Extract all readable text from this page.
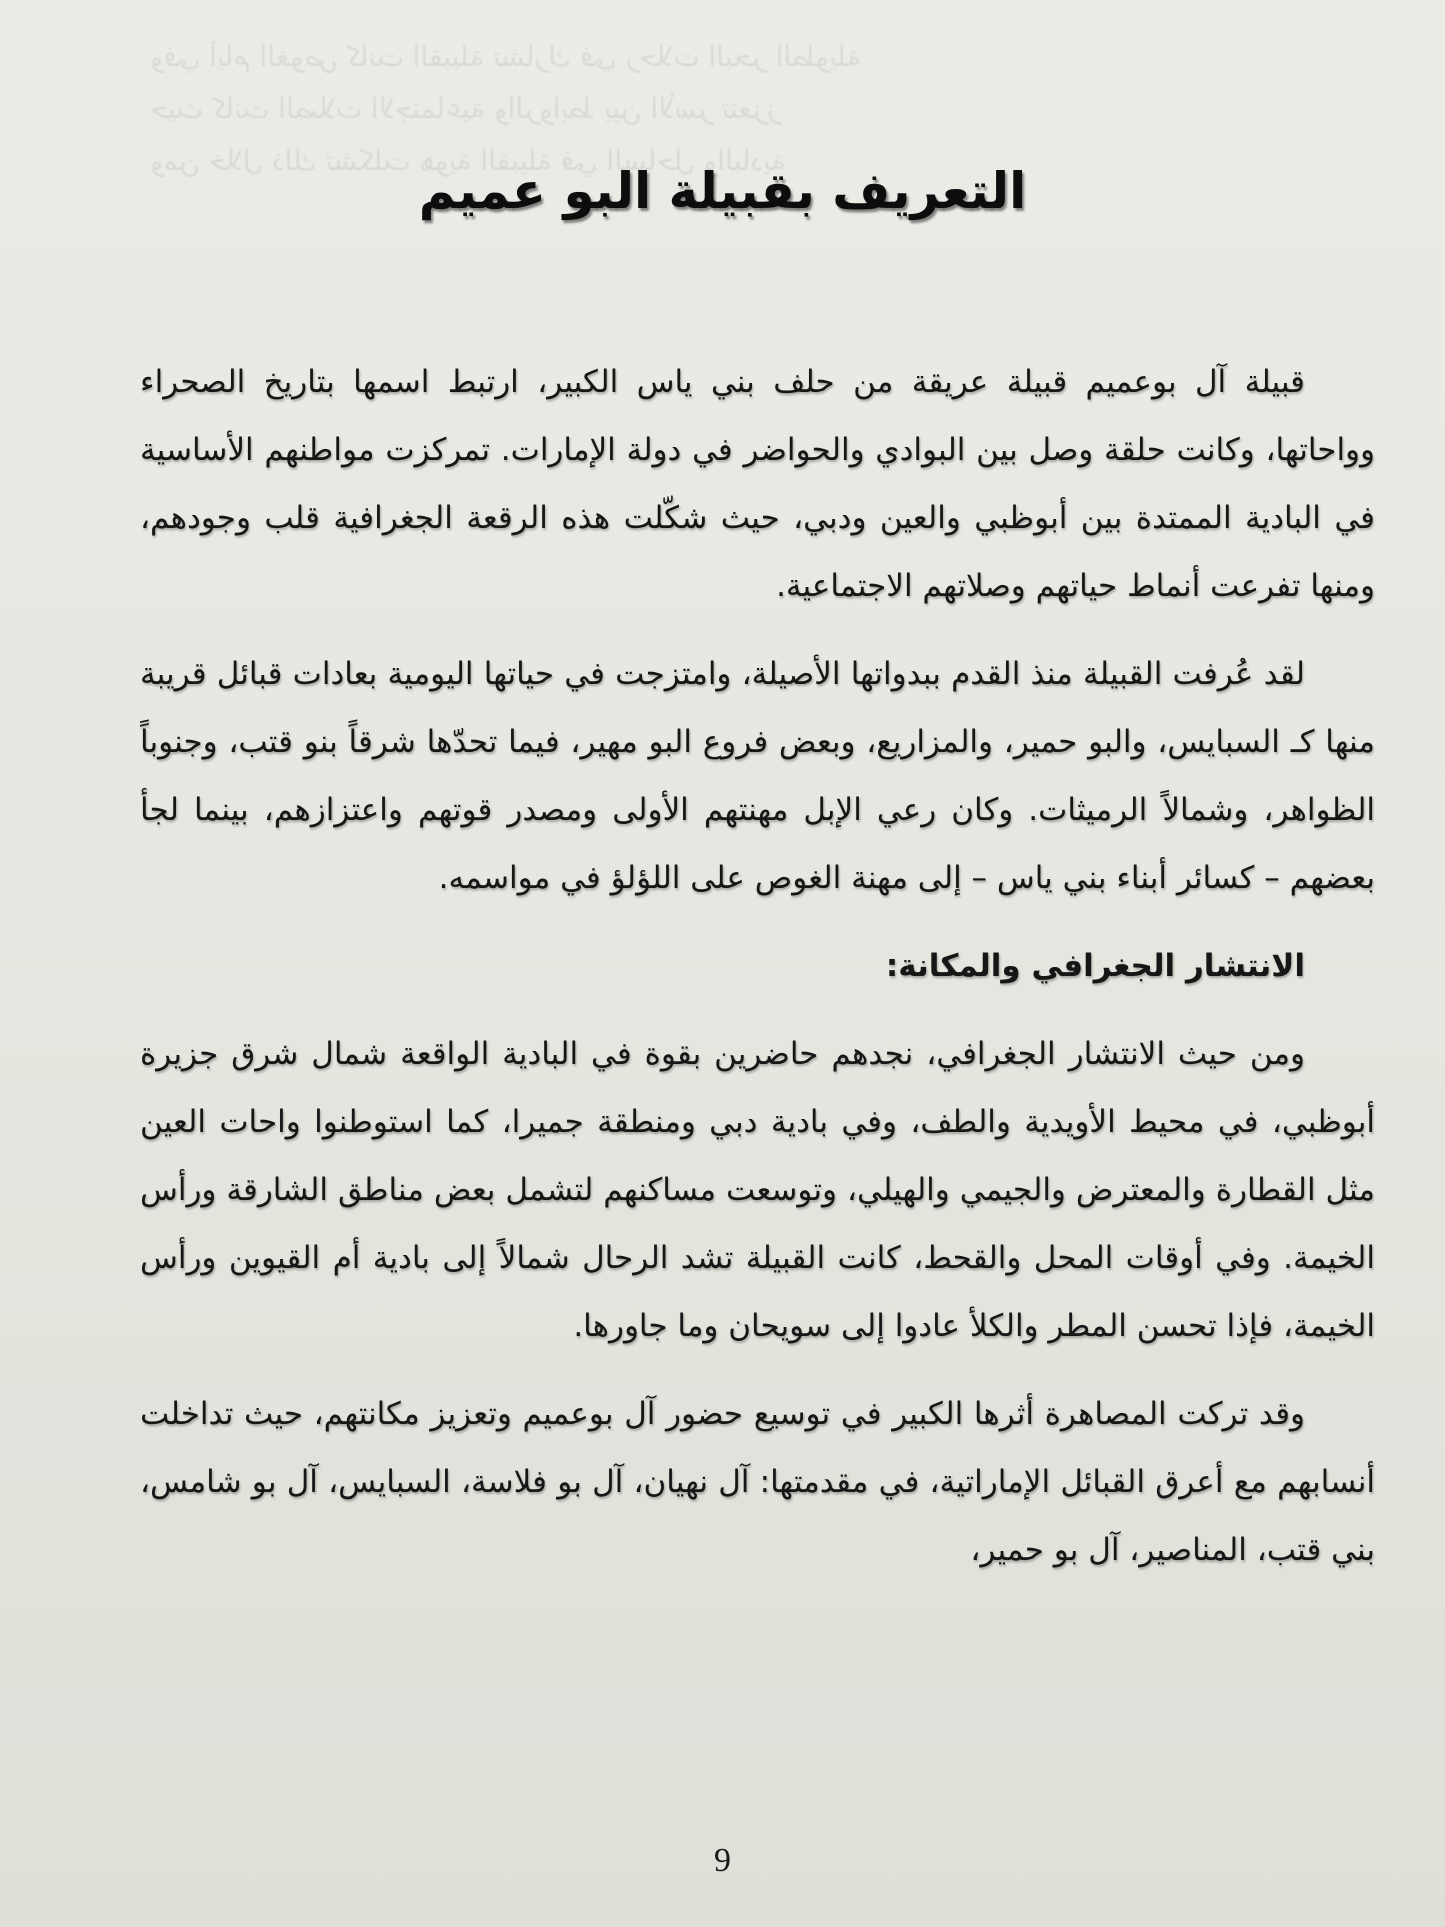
وفي أيام الغوص كانت القبيلة تشارك في رحلات البحر الطويلة
حيث كانت الصلات الاجتماعية والروابط بين الأسر تتعزز
ومن خلال ذلك تشكلت هوية القبيلة في الساحل والبادية
التعريف بقبيلة البو عميم

قبيلة آل بوعميم قبيلة عريقة من حلف بني ياس الكبير، ارتبط اسمها بتاريخ الصحراء وواحاتها، وكانت حلقة وصل بين البوادي والحواضر في دولة الإمارات. تمركزت مواطنهم الأساسية في البادية الممتدة بين أبوظبي والعين ودبي، حيث شكّلت هذه الرقعة الجغرافية قلب وجودهم، ومنها تفرعت أنماط حياتهم وصلاتهم الاجتماعية.

لقد عُرفت القبيلة منذ القدم ببدواتها الأصيلة، وامتزجت في حياتها اليومية بعادات قبائل قريبة منها كـ السبايس، والبو حمير، والمزاريع، وبعض فروع البو مهير، فيما تحدّها شرقاً بنو قتب، وجنوباً الظواهر، وشمالاً الرميثات. وكان رعي الإبل مهنتهم الأولى ومصدر قوتهم واعتزازهم، بينما لجأ بعضهم – كسائر أبناء بني ياس – إلى مهنة الغوص على اللؤلؤ في مواسمه.

الانتشار الجغرافي والمكانة:

ومن حيث الانتشار الجغرافي، نجدهم حاضرين بقوة في البادية الواقعة شمال شرق جزيرة أبوظبي، في محيط الأويدية والطف، وفي بادية دبي ومنطقة جميرا، كما استوطنوا واحات العين مثل القطارة والمعترض والجيمي والهيلي، وتوسعت مساكنهم لتشمل بعض مناطق الشارقة ورأس الخيمة. وفي أوقات المحل والقحط، كانت القبيلة تشد الرحال شمالاً إلى بادية أم القيوين ورأس الخيمة، فإذا تحسن المطر والكلأ عادوا إلى سويحان وما جاورها.

وقد تركت المصاهرة أثرها الكبير في توسيع حضور آل بوعميم وتعزيز مكانتهم، حيث تداخلت أنسابهم مع أعرق القبائل الإماراتية، في مقدمتها: آل نهيان، آل بو فلاسة، السبايس، آل بو شامس، بني قتب، المناصير، آل بو حمير،

9
